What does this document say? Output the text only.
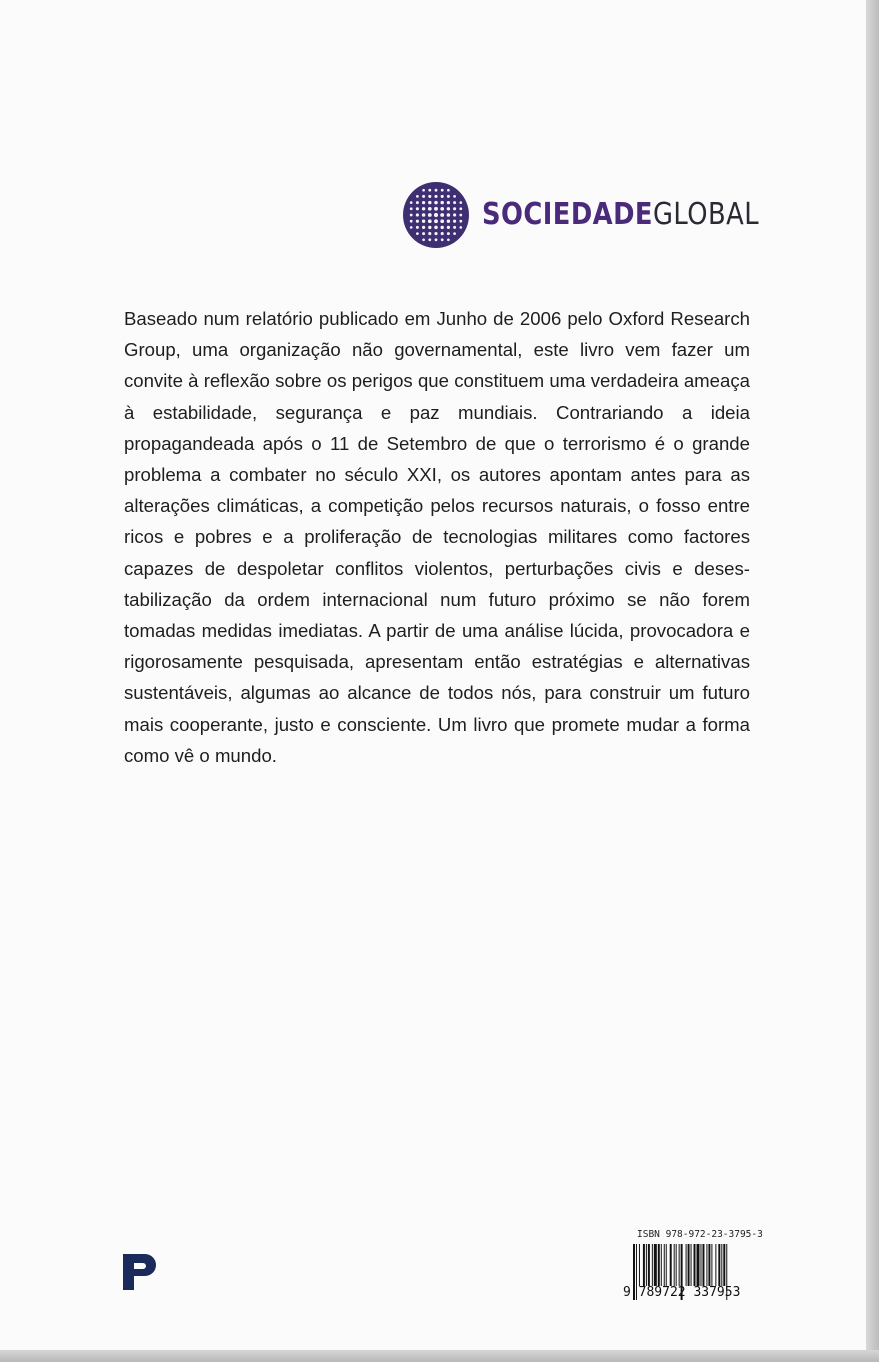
SOCIEDADEGLOBAL

Baseado num relatório publicado em Junho de 2006 pelo Oxford Research Group, uma organização não governamental, este livro vem fazer um convite à reflexão sobre os perigos que constituem uma verdadeira ameaça à estabilidade, segurança e paz mundiais. Contrariando a ideia propagandeada após o 11 de Setembro de que o terrorismo é o grande problema a combater no século XXI, os autores apontam antes para as alterações climáticas, a competição pelos recursos naturais, o fosso entre ricos e pobres e a proliferação de tecnologias militares como factores capazes de despoletar conflitos violentos, perturbações civis e desestabilização da ordem internacional num futuro próximo se não forem tomadas medidas imediatas. A partir de uma análise lúcida, provocadora e rigorosamente pesquisada, apresentam então estratégias e alternativas sustentáveis, algumas ao alcance de todos nós, para construir um futuro mais cooperante, justo e consciente. Um livro que promete mudar a forma como vê o mundo.

ISBN 978-972-23-3795-3
9 789722 337953
